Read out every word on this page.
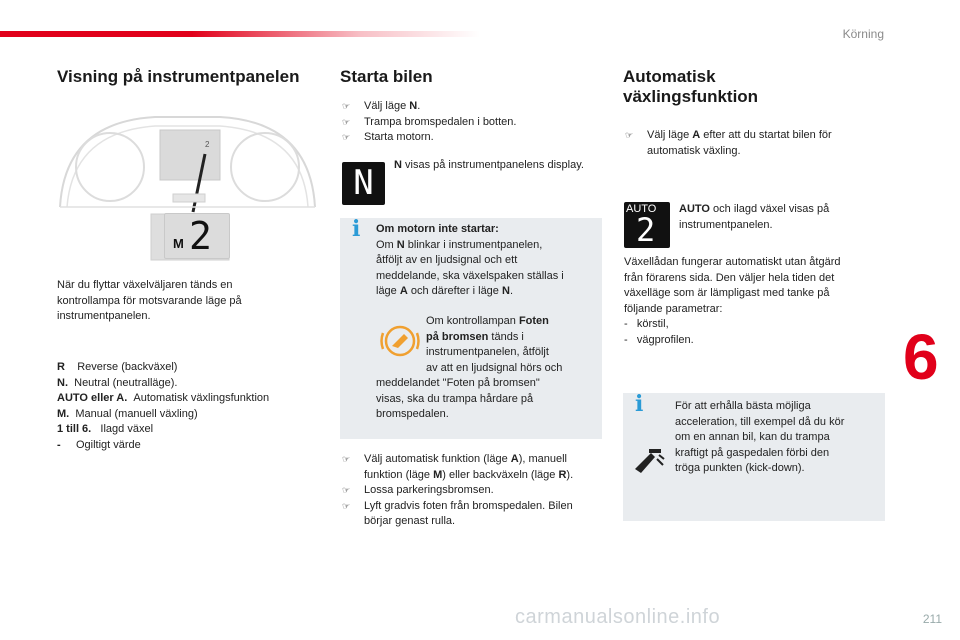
Körning
6
Visning på instrumentpanelen
2
M 2
När du flyttar växelväljaren tänds en kontrollampa för motsvarande läge på instrumentpanelen.
R Reverse (backväxel)
N. Neutral (neutralläge).
AUTO eller A. Automatisk växlingsfunktion
M. Manual (manuell växling)
1 till 6. Ilagd växel
- Ogiltigt värde
Starta bilen
☞	Välj läge N.
☞	Trampa bromspedalen i botten.
☞	Starta motorn.
N	N visas på instrumentpanelens display.
i Om motorn inte startar:
Om N blinkar i instrumentpanelen,
åtföljt av en ljudsignal och ett
meddelande, ska växelspaken ställas i
läge A och därefter i läge N.
Om kontrollampan Foten
på bromsen tänds i
instrumentpanelen, åtföljt
av att en ljudsignal hörs och
meddelandet "Foten på bromsen"
visas, ska du trampa hårdare på
bromspedalen.
☞	Välj automatisk funktion (läge A), manuell
funktion (läge M) eller backväxeln (läge R).
☞	Lossa parkeringsbromsen.
☞	Lyft gradvis foten från bromspedalen. Bilen
börjar genast rulla.
Automatisk
växlingsfunktion
☞	Välj läge A efter att du startat bilen för
automatisk växling.
AUTO
2
AUTO och ilagd växel visas på
instrumentpanelen.
Växellådan fungerar automatiskt utan åtgärd
från förarens sida. Den väljer hela tiden det
växelläge som är lämpligast med tanke på
följande parametrar:
-   körstil,
-   vägprofilen.
i	För att erhålla bästa möjliga
acceleration, till exempel då du kör
om en annan bil, kan du trampa
kraftigt på gaspedalen förbi den
tröga punkten (kick-down).
carmanualsonline.info	211
